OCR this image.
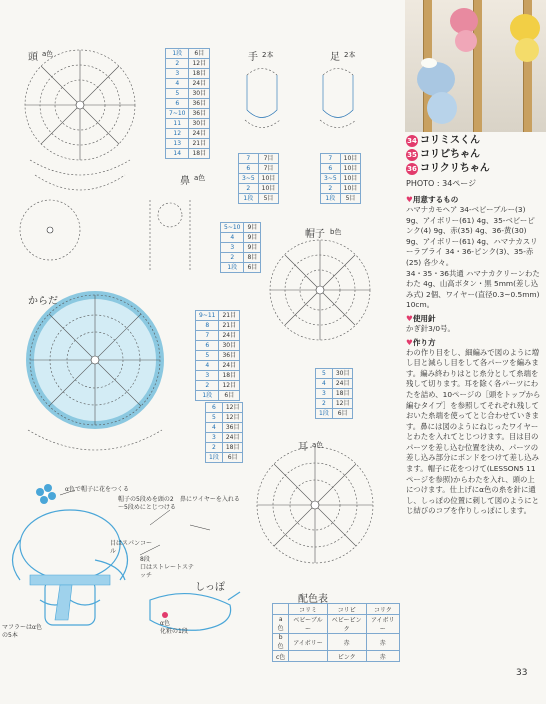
頭 a色	手 2本	足 2本
鼻 a色
からだ
帽子 b色
耳 a色
しっぽ
配色表
α色で帽子に花をつくる
帽子の5段めを頭の2～5段めにとじつける
鼻にワイヤーを入れる
目はスパンコール
8段
口はストレートステッチ
マフラーはα色の5本
α色
化粧の1段
1段	6目
2	12目
3	18目
4	24目
5	30目
6	36目
7~10	36目
11	30目
12	24目
13	21目
14	18目
7	7目
6	7目
3~5	10目
2	10目
1段	5目
7	10目
6	10目
3~5	10目
2	10目
1段	5目
5~10	9目
4	9目
3	9目
2	8目
1段	6目
9~11	21目
8	21目
7	24目
6	30目
5	36目
4	24目
3	18目
2	12目
1段	6目
5	30目
4	24目
3	18目
2	12目
1段	6目
6	12目
5	12目
4	36目
3	24目
2	18目
1段	6目
	コリミ	コリピ	コリク
a色	ベビーブルー	ベビーピンク	アイボリー
b色	アイボリー	赤	赤
c色		ピンク	赤
34 コリミスくん
35 コリピちゃん
36 コリクリちゃん
PHOTO : 34ページ
♥用意するもの
ハマナカモヘア 34-ベビーブルー(3) 9g、アイボリー(61) 4g、35-ベビーピンク(4) 9g、赤(35) 4g、36-黄(30) 9g、アイボリー(61) 4g、ハマナカスリーラブライ 34・36-ピンク(3)、35-赤(25) 各少々。
34・35・36共通 ハマナカクリーンわたわた 4g、山高ボタン・黒 5mm(差し込み式) 2個、ワイヤー(直径0.3~0.5mm) 10cm。
♥使用針
かぎ針3/0号。
♥作り方
わの作り目をし、細編みで図のように増し目と減らし目をして各パーツを編みます。編み終わりはとじ糸分として糸端を残して切ります。耳を除く各パーツにわたを詰め、10ページの［頭をトップから編むタイプ］を参照してそれぞれ残しておいた糸端を使ってとじ合わせていきます。鼻には図のようにねじったワイヤーとわたを入れてとじつけます。目は目のパーツを差し込む位置を決め、パーツの差し込み部分にボンドをつけて差し込みます。帽子に花をつけて(LESSON5 11ページを参照)からわたを入れ、頭の上につけます。仕上げにα色の糸を針に通し、しっぽの位置に刺して図のようにとじ結びのコブを作りしっぽにします。
33
